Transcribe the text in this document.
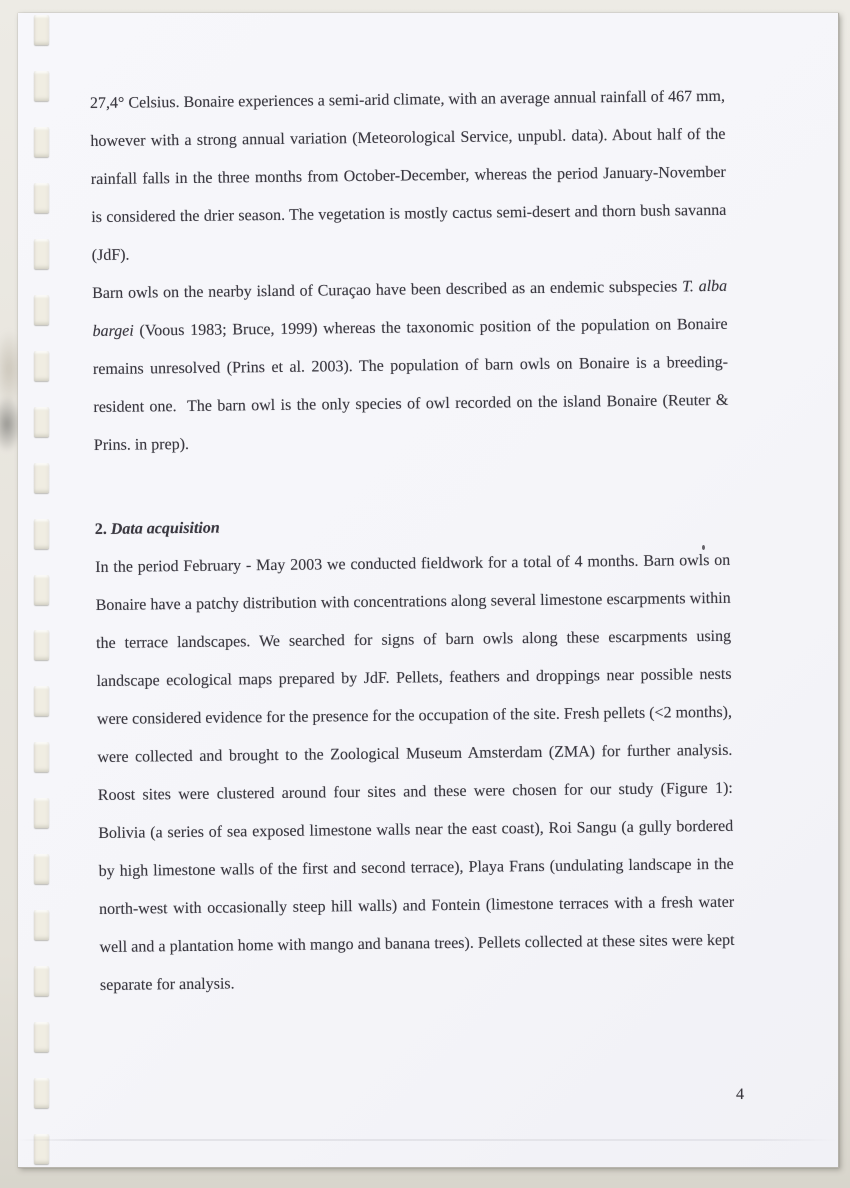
27,4° Celsius. Bonaire experiences a semi-arid climate, with an average annual rainfall of 467 mm, however with a strong annual variation (Meteorological Service, unpubl. data). About half of the rainfall falls in the three months from October-December, whereas the period January-November is considered the drier season. The vegetation is mostly cactus semi-desert and thorn bush savanna (JdF).

Barn owls on the nearby island of Curaçao have been described as an endemic subspecies T. alba bargei (Voous 1983; Bruce, 1999) whereas the taxonomic position of the population on Bonaire remains unresolved (Prins et al. 2003). The population of barn owls on Bonaire is a breeding-resident one.  The barn owl is the only species of owl recorded on the island Bonaire (Reuter & Prins. in prep).

2. Data acquisition

In the period February - May 2003 we conducted fieldwork for a total of 4 months. Barn owls on Bonaire have a patchy distribution with concentrations along several limestone escarpments within the terrace landscapes. We searched for signs of barn owls along these escarpments using landscape ecological maps prepared by JdF. Pellets, feathers and droppings near possible nests were considered evidence for the presence for the occupation of the site. Fresh pellets (<2 months), were collected and brought to the Zoological Museum Amsterdam (ZMA) for further analysis. Roost sites were clustered around four sites and these were chosen for our study (Figure 1): Bolivia (a series of sea exposed limestone walls near the east coast), Roi Sangu (a gully bordered by high limestone walls of the first and second terrace), Playa Frans (undulating landscape in the north-west with occasionally steep hill walls) and Fontein (limestone terraces with a fresh water well and a plantation home with mango and banana trees). Pellets collected at these sites were kept separate for analysis.

4
